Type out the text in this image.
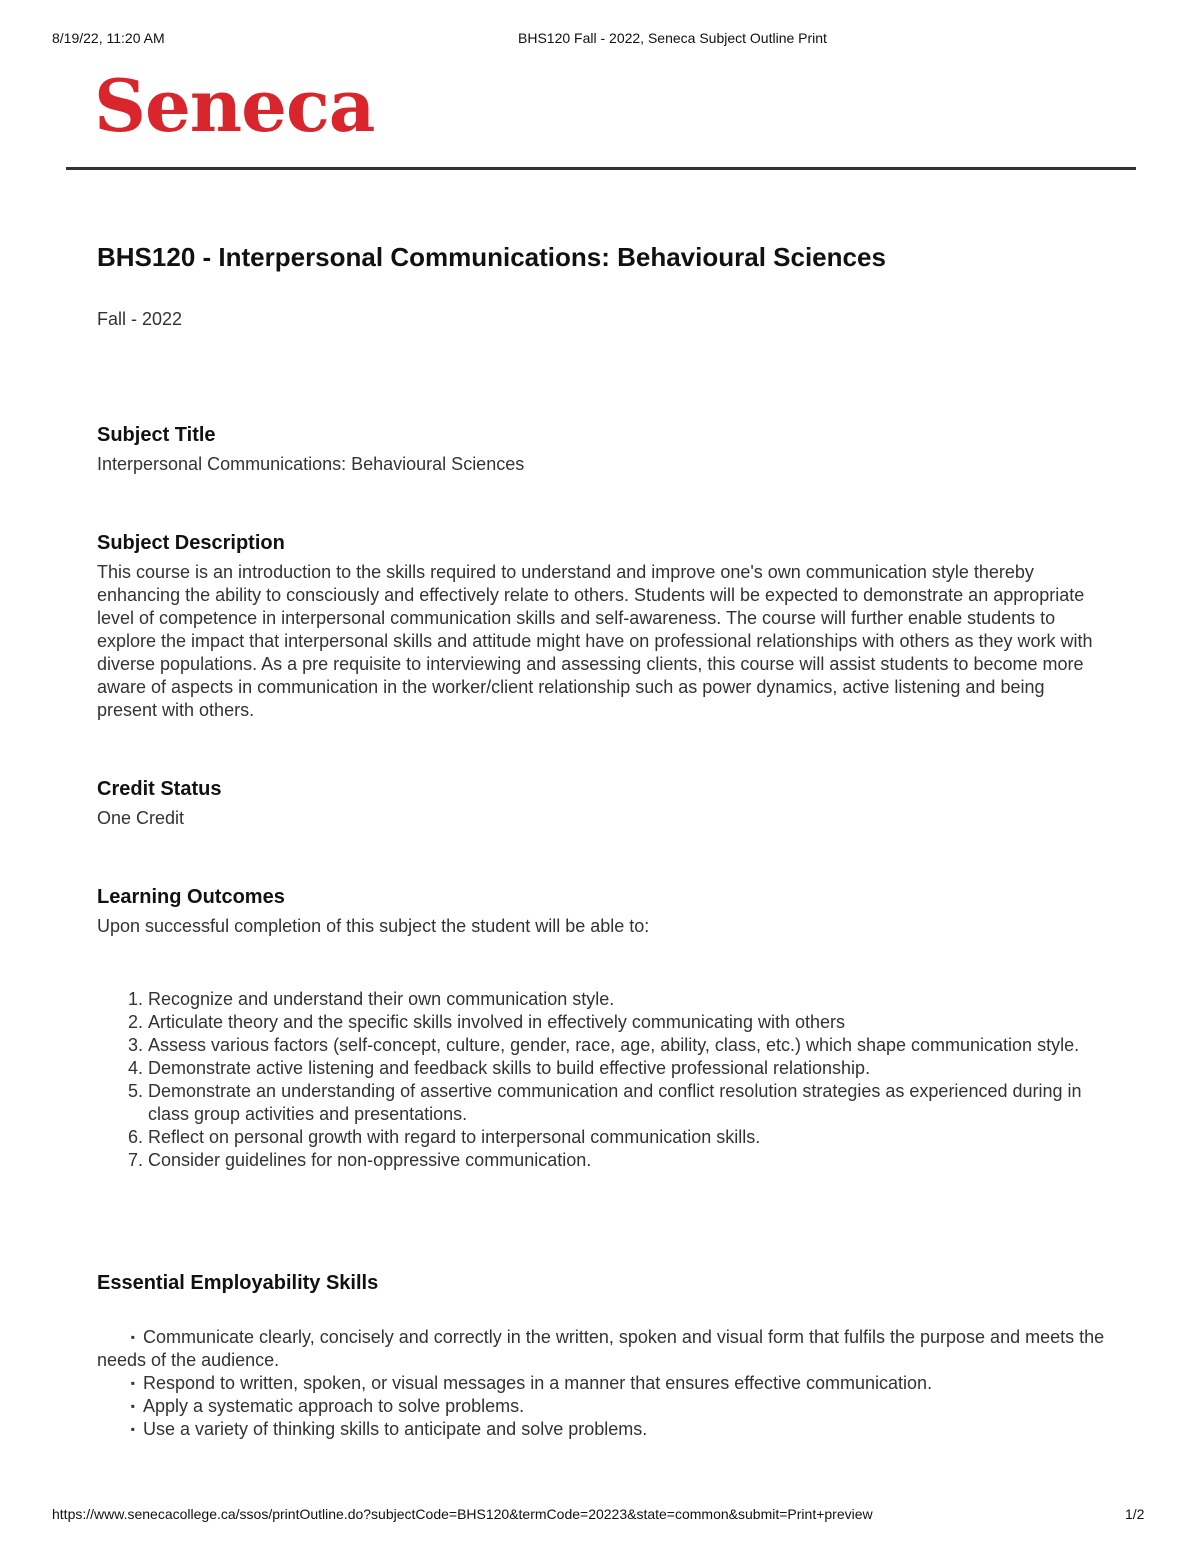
8/19/22, 11:20 AM	BHS120 Fall - 2022, Seneca Subject Outline Print
Seneca
BHS120 - Interpersonal Communications: Behavioural Sciences
Fall - 2022
Subject Title
Interpersonal Communications: Behavioural Sciences
Subject Description
This course is an introduction to the skills required to understand and improve one's own communication style thereby enhancing the ability to consciously and effectively relate to others. Students will be expected to demonstrate an appropriate level of competence in interpersonal communication skills and self-awareness. The course will further enable students to explore the impact that interpersonal skills and attitude might have on professional relationships with others as they work with diverse populations. As a pre requisite to interviewing and assessing clients, this course will assist students to become more aware of aspects in communication in the worker/client relationship such as power dynamics, active listening and being present with others.
Credit Status
One Credit
Learning Outcomes
Upon successful completion of this subject the student will be able to:
1. Recognize and understand their own communication style.
2. Articulate theory and the specific skills involved in effectively communicating with others
3. Assess various factors (self-concept, culture, gender, race, age, ability, class, etc.) which shape communication style.
4. Demonstrate active listening and feedback skills to build effective professional relationship.
5. Demonstrate an understanding of assertive communication and conflict resolution strategies as experienced during in class group activities and presentations.
6. Reflect on personal growth with regard to interpersonal communication skills.
7. Consider guidelines for non-oppressive communication.
Essential Employability Skills
▪ Communicate clearly, concisely and correctly in the written, spoken and visual form that fulfils the purpose and meets the needs of the audience.
▪ Respond to written, spoken, or visual messages in a manner that ensures effective communication.
▪ Apply a systematic approach to solve problems.
▪ Use a variety of thinking skills to anticipate and solve problems.
https://www.senecacollege.ca/ssos/printOutline.do?subjectCode=BHS120&termCode=20223&state=common&submit=Print+preview	1/2
